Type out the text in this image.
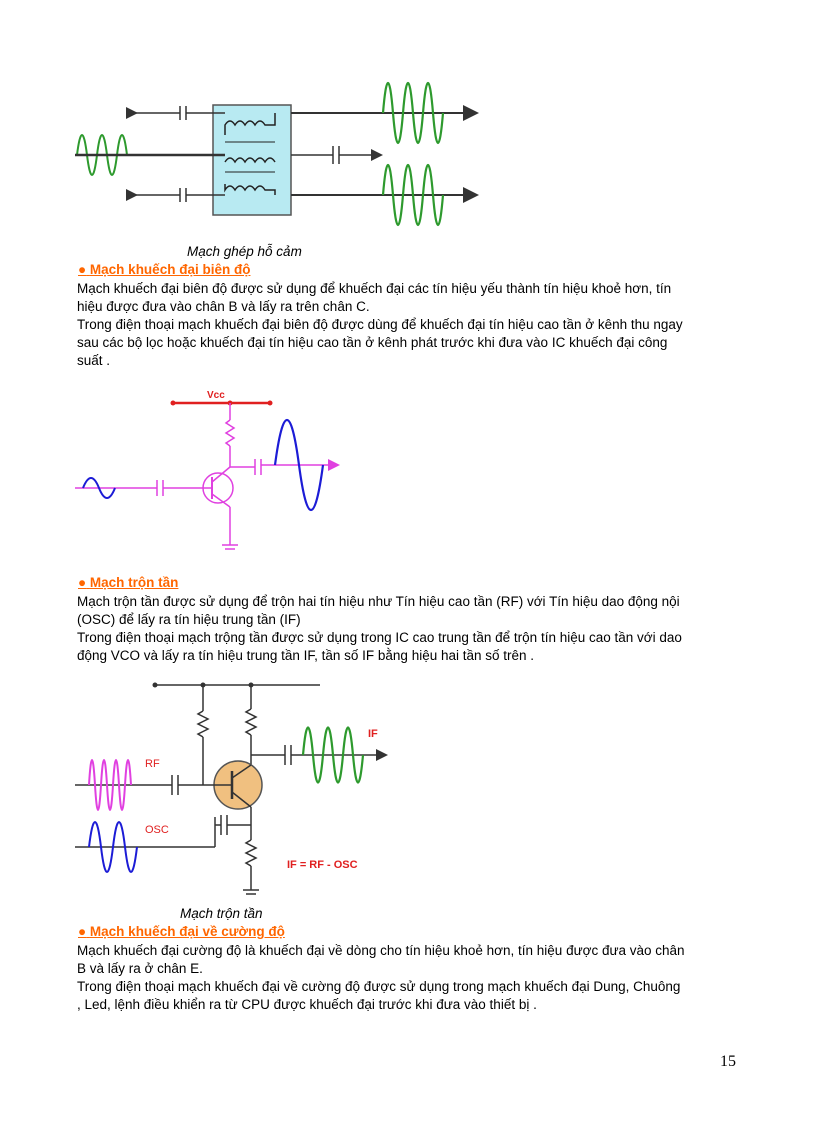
Mạch ghép hỗ cảm
● Mạch khuếch đại biên độ
Mạch khuếch đại biên độ được sử dụng để khuếch đại các tín hiệu yếu thành tín hiệu khoẻ hơn, tín
hiệu được đưa vào chân B và lấy ra trên chân C.
Trong điện thoại mạch khuếch đại biên độ được dùng để khuếch đại tín hiệu cao tần ở kênh thu ngay
sau các bộ lọc hoặc khuếch đại tín hiệu cao tần ở kênh phát trước khi đưa vào IC khuếch đại công
suất .
Vcc
● Mạch trộn tần
Mạch trộn tần được sử dụng để trộn hai tín hiệu như Tín hiệu cao tần (RF) với Tín hiệu dao động nội
(OSC) để lấy ra tín hiệu trung tần (IF)
Trong điện thoại mạch trộng tần được sử dụng trong IC cao trung tần để trộn tín hiệu cao tần với dao
động VCO và lấy ra tín hiệu trung tần IF, tần số IF bằng hiệu hai tần số trên .
RF
OSC
IF
IF = RF - OSC
Mạch trộn tần
● Mạch khuếch đại về cường độ
Mạch khuếch đại cường độ là khuếch đại về dòng cho tín hiệu khoẻ hơn, tín hiệu được đưa vào chân
B và lấy ra ở chân E.
Trong điện thoại mạch khuếch đại về cường độ được sử dụng trong mạch khuếch đại Dung, Chuông
, Led, lệnh điều khiển ra từ CPU được khuếch đại trước khi đưa vào thiết bị .
15
